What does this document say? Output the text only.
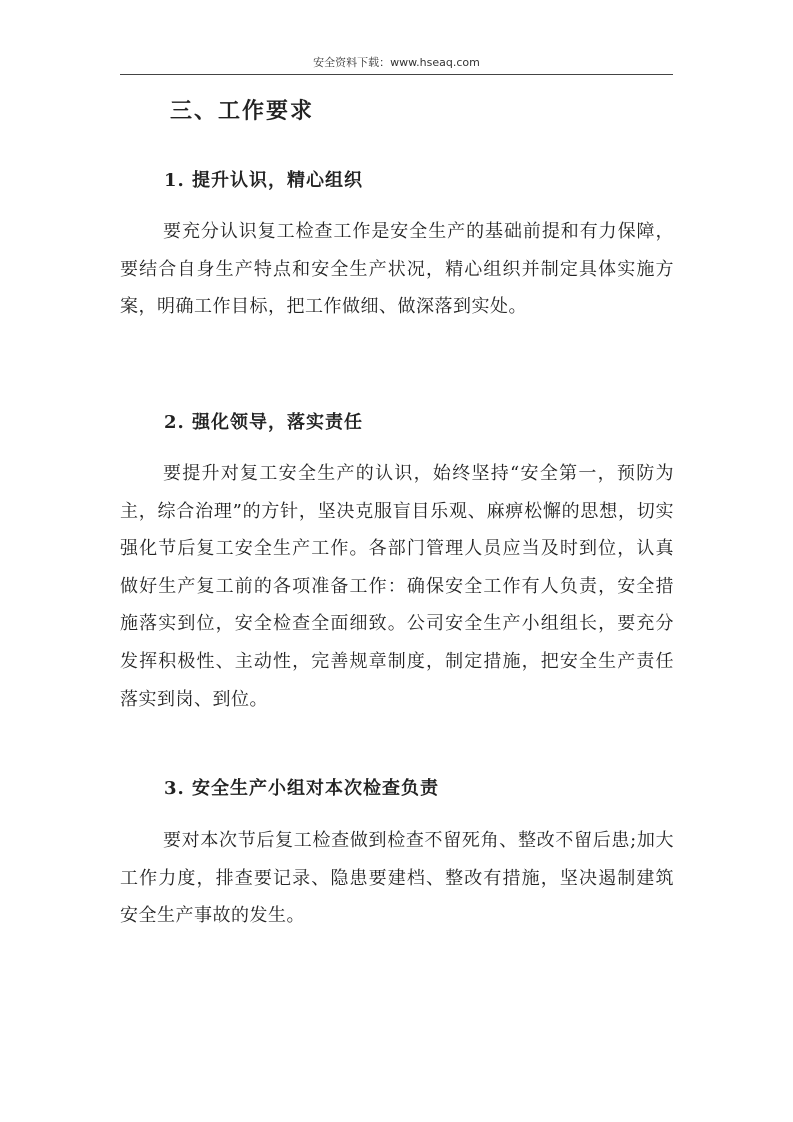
安全资料下载：www.hseaq.com
三、工作要求
1. 提升认识，精心组织

要充分认识复工检查工作是安全生产的基础前提和有力保障，要结合自身生产特点和安全生产状况，精心组织并制定具体实施方案，明确工作目标，把工作做细、做深落到实处。

2. 强化领导，落实责任

要提升对复工安全生产的认识，始终坚持“安全第一，预防为主，综合治理”的方针，坚决克服盲目乐观、麻痹松懈的思想，切实强化节后复工安全生产工作。各部门管理人员应当及时到位，认真做好生产复工前的各项准备工作：确保安全工作有人负责，安全措施落实到位，安全检查全面细致。公司安全生产小组组长，要充分发挥积极性、主动性，完善规章制度，制定措施，把安全生产责任落实到岗、到位。

3. 安全生产小组对本次检查负责

要对本次节后复工检查做到检查不留死角、整改不留后患;加大工作力度，排查要记录、隐患要建档、整改有措施，坚决遏制建筑安全生产事故的发生。
